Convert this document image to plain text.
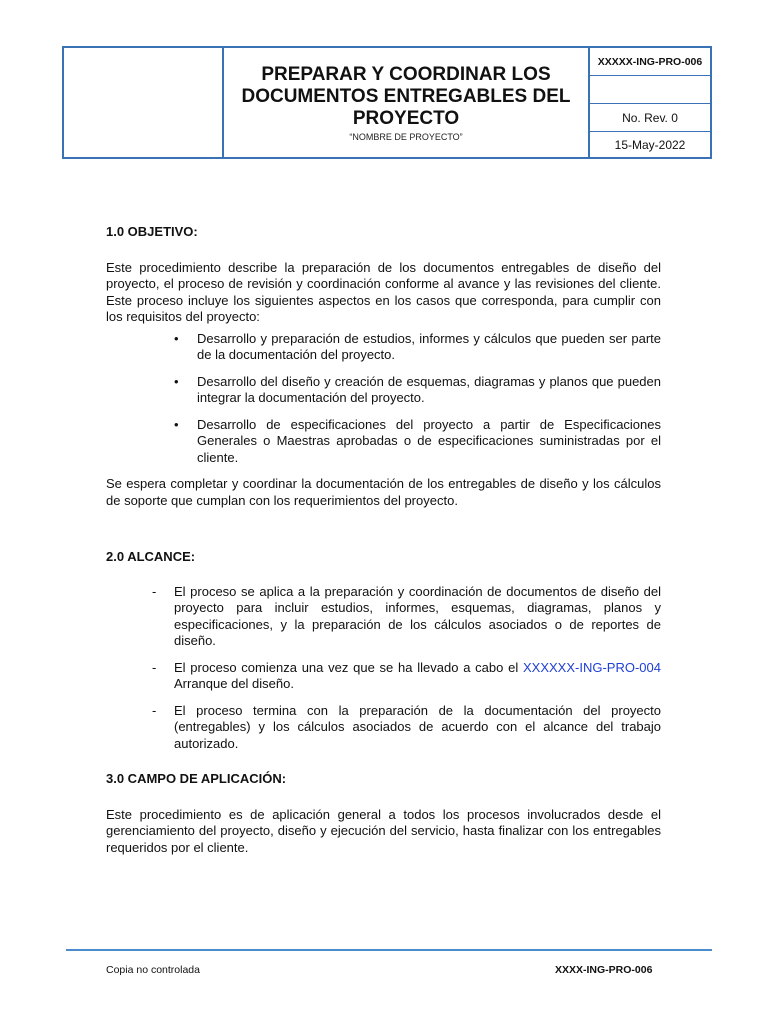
PREPARAR Y COORDINAR LOS DOCUMENTOS ENTREGABLES DEL PROYECTO
“NOMBRE DE PROYECTO”
XXXXX-ING-PRO-006
No. Rev. 0
15-May-2022
1.0 OBJETIVO:

Este procedimiento describe la preparación de los documentos entregables de diseño del proyecto, el proceso de revisión y coordinación conforme al avance y las revisiones del cliente. Este proceso incluye los siguientes aspectos en los casos que corresponda, para cumplir con los requisitos del proyecto:

• Desarrollo y preparación de estudios, informes y cálculos que pueden ser parte de la documentación del proyecto.
• Desarrollo del diseño y creación de esquemas, diagramas y planos que pueden integrar la documentación del proyecto.
• Desarrollo de especificaciones del proyecto a partir de Especificaciones Generales o Maestras aprobadas o de especificaciones suministradas por el cliente.

Se espera completar y coordinar la documentación de los entregables de diseño y los cálculos de soporte que cumplan con los requerimientos del proyecto.

2.0 ALCANCE:
- El proceso se aplica a la preparación y coordinación de documentos de diseño del proyecto para incluir estudios, informes, esquemas, diagramas, planos y especificaciones, y la preparación de los cálculos asociados o de reportes de diseño.
- El proceso comienza una vez que se ha llevado a cabo el XXXXXX-ING-PRO-004 Arranque del diseño.
- El proceso termina con la preparación de la documentación del proyecto (entregables) y los cálculos asociados de acuerdo con el alcance del trabajo autorizado.
3.0 CAMPO DE APLICACIÓN:

Este procedimiento es de aplicación general a todos los procesos involucrados desde el gerenciamiento del proyecto, diseño y ejecución del servicio, hasta finalizar con los entregables requeridos por el cliente.

Copia no controlada	XXXX-ING-PRO-006
